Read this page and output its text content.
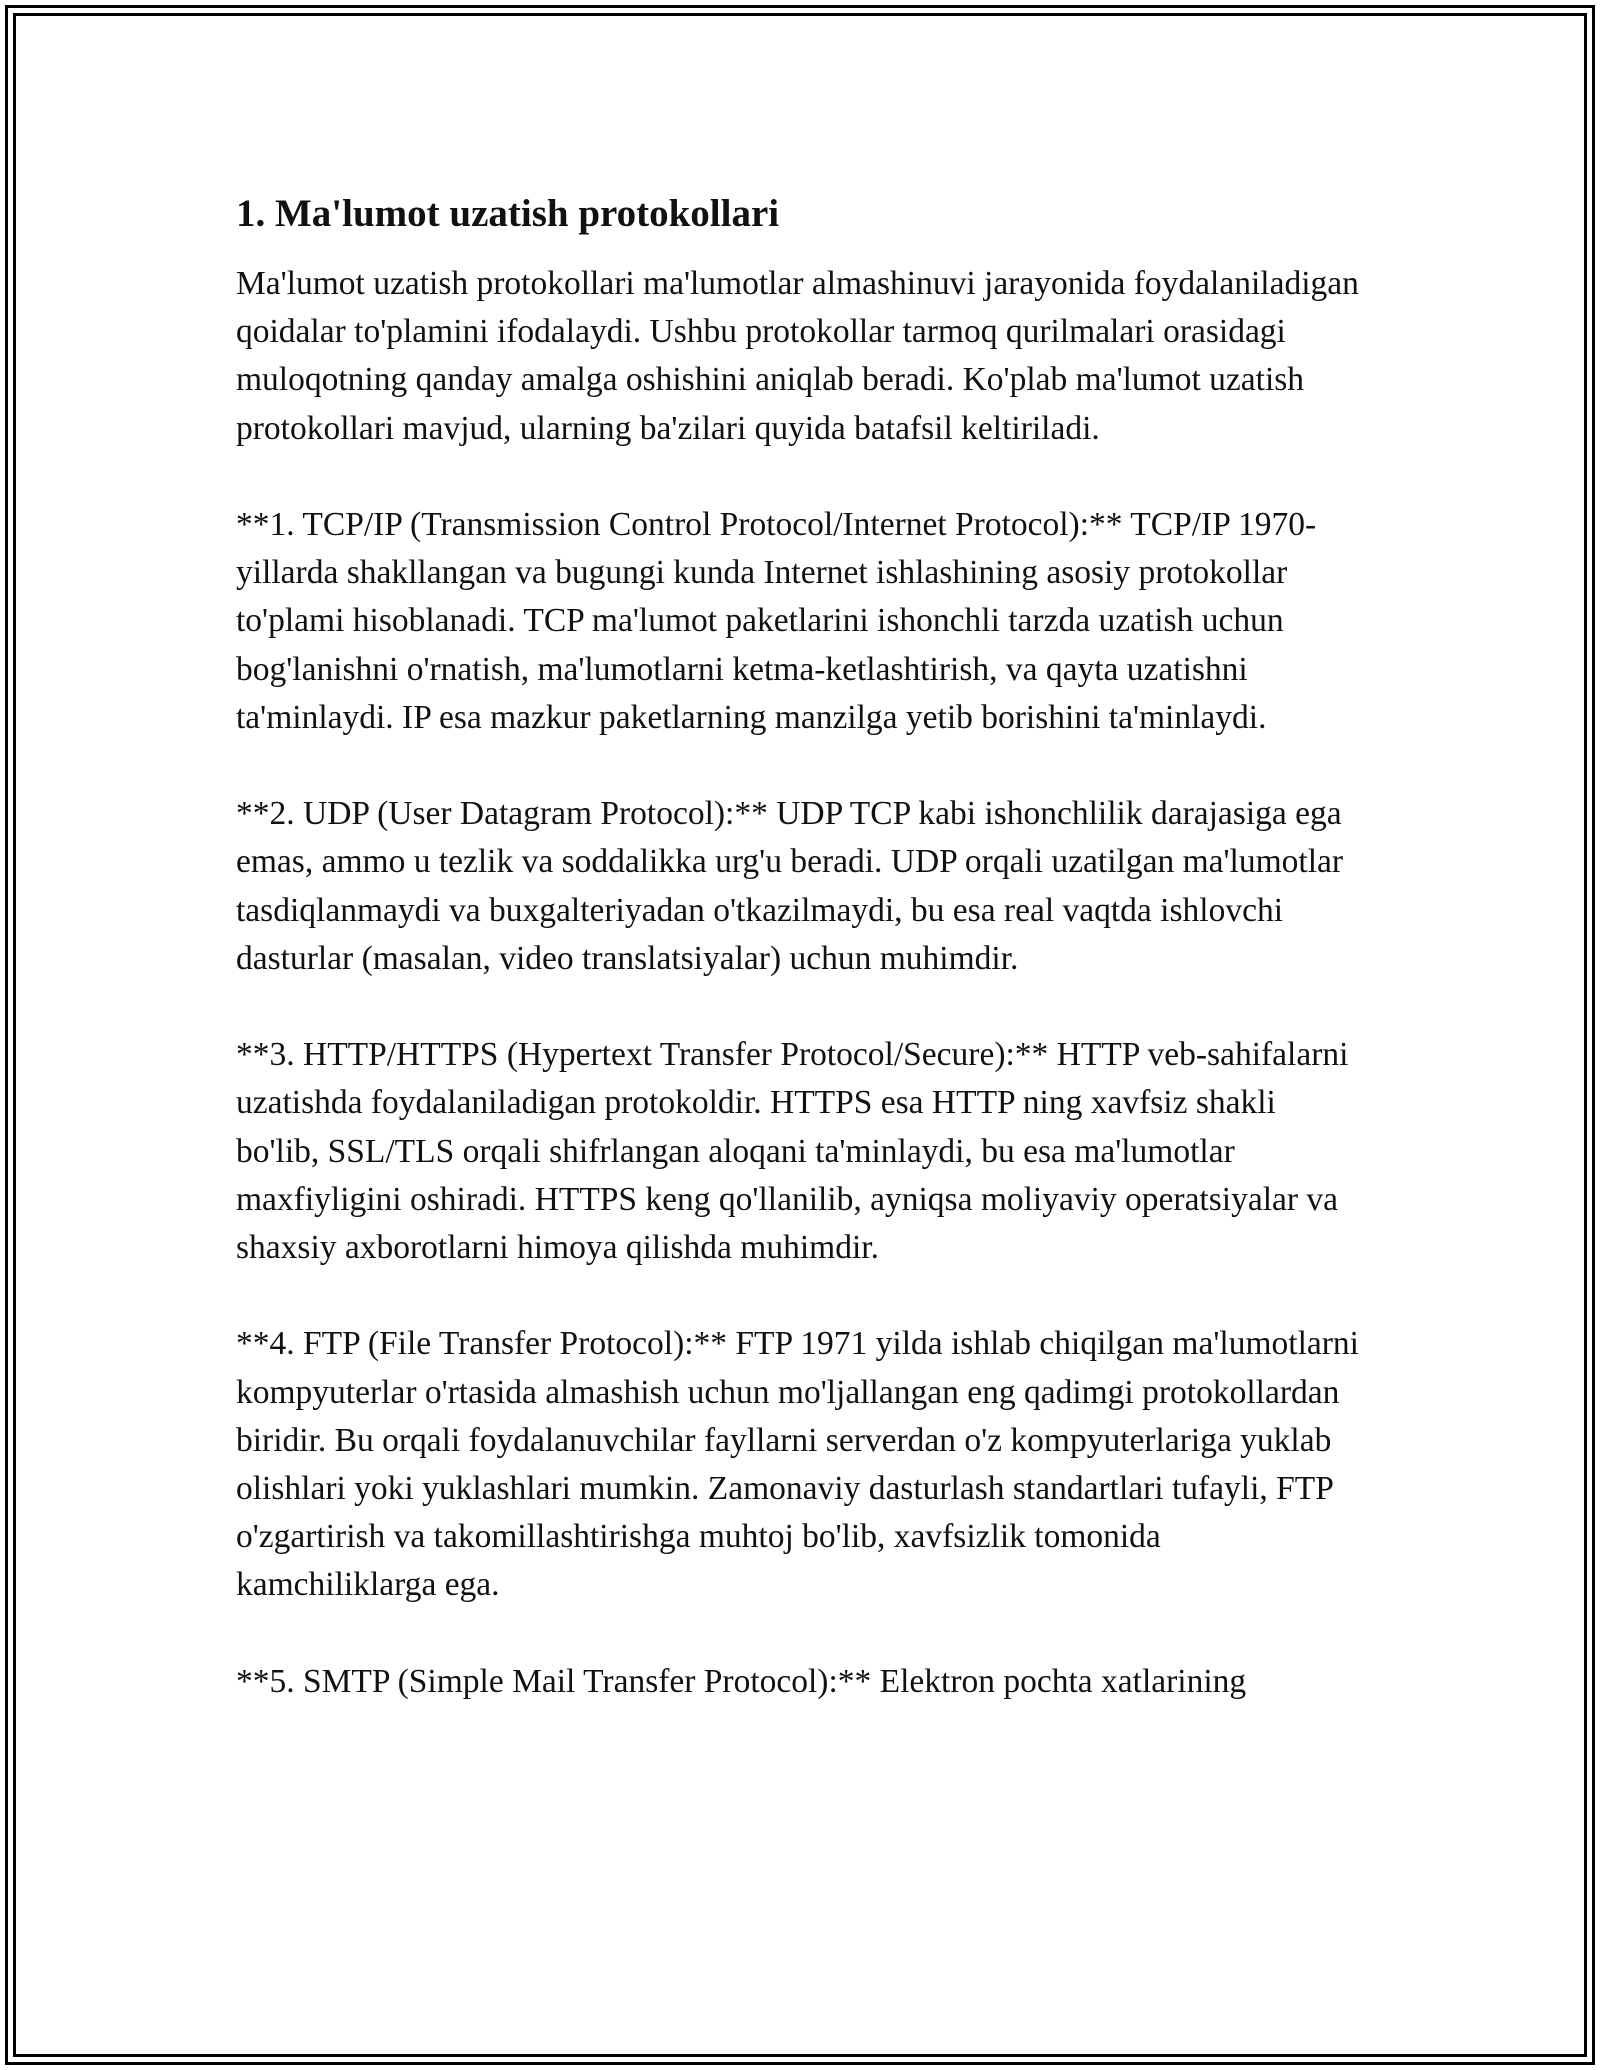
1. Ma'lumot uzatish protokollari

Ma'lumot uzatish protokollari ma'lumotlar almashinuvi jarayonida foydalaniladigan qoidalar to'plamini ifodalaydi. Ushbu protokollar tarmoq qurilmalari orasidagi muloqotning qanday amalga oshishini aniqlab beradi. Ko'plab ma'lumot uzatish protokollari mavjud, ularning ba'zilari quyida batafsil keltiriladi.

**1. TCP/IP (Transmission Control Protocol/Internet Protocol):** TCP/IP 1970-yillarda shakllangan va bugungi kunda Internet ishlashining asosiy protokollar to'plami hisoblanadi. TCP ma'lumot paketlarini ishonchli tarzda uzatish uchun bog'lanishni o'rnatish, ma'lumotlarni ketma-ketlashtirish, va qayta uzatishni ta'minlaydi. IP esa mazkur paketlarning manzilga yetib borishini ta'minlaydi.

**2. UDP (User Datagram Protocol):** UDP TCP kabi ishonchlilik darajasiga ega emas, ammo u tezlik va soddalikka urg'u beradi. UDP orqali uzatilgan ma'lumotlar tasdiqlanmaydi va buxgalteriyadan o'tkazilmaydi, bu esa real vaqtda ishlovchi dasturlar (masalan, video translatsiyalar) uchun muhimdir.

**3. HTTP/HTTPS (Hypertext Transfer Protocol/Secure):** HTTP veb-sahifalarni uzatishda foydalaniladigan protokoldir. HTTPS esa HTTP ning xavfsiz shakli bo'lib, SSL/TLS orqali shifrlangan aloqani ta'minlaydi, bu esa ma'lumotlar maxfiyligini oshiradi. HTTPS keng qo'llanilib, ayniqsa moliyaviy operatsiyalar va shaxsiy axborotlarni himoya qilishda muhimdir.

**4. FTP (File Transfer Protocol):** FTP 1971 yilda ishlab chiqilgan ma'lumotlarni kompyuterlar o'rtasida almashish uchun mo'ljallangan eng qadimgi protokollardan biridir. Bu orqali foydalanuvchilar fayllarni serverdan o'z kompyuterlariga yuklab olishlari yoki yuklashlari mumkin. Zamonaviy dasturlash standartlari tufayli, FTP o'zgartirish va takomillashtirishga muhtoj bo'lib, xavfsizlik tomonida kamchiliklarga ega.

**5. SMTP (Simple Mail Transfer Protocol):** Elektron pochta xatlarining
